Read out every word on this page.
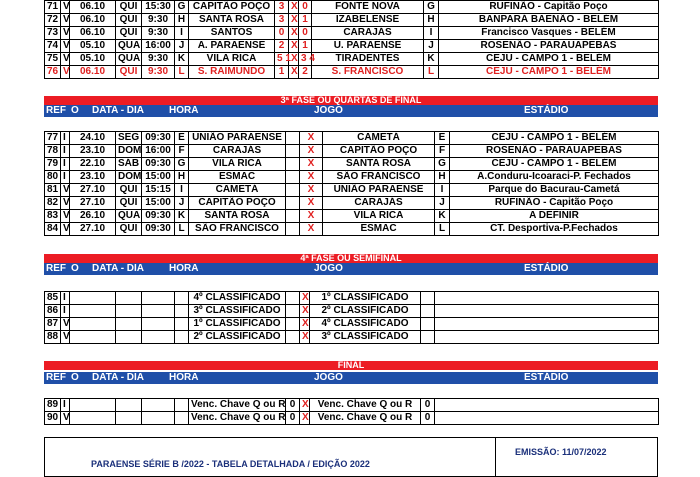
71	V	06.10	QUI	15:30	G	CAPITÃO POÇO	3	X	0	FONTE NOVA	G	RUFINÃO - Capitão Poço
72	V	06.10	QUI	9:30	H	SANTA ROSA	3	X	1	IZABELENSE	H	BANPARÁ BAENÃO - BELÉM
73	V	06.10	QUI	9:30	I	SANTOS	0	X	0	CARAJÁS	I	Francisco Vasques - BELÉM
74	V	05.10	QUA	16:00	J	A. PARAENSE	2	X	1	U. PARAENSE	J	ROSENÃO - PARAUAPEBAS
75	V	05.10	QUA	9:30	K	VILA RICA	5 1	X	3 4	TIRADENTES	K	CEJU - CAMPO 1 - BELÉM
76	V	06.10	QUI	9:30	L	S. RAIMUNDO	1	X	2	S. FRANCISCO	L	CEJU - CAMPO 1 - BELÉM
3ª FASE OU QUARTAS DE FINAL
REF O DATA - DIA HORA	JOGO	ESTÁDIO
77	I	24.10	SEG	09:30	E	UNIÃO PARAENSE		X	CAMETÁ	E	CEJU - CAMPO 1 - BELÉM
78	I	23.10	DOM	16:00	F	CARAJÁS		X	CAPITÃO POÇO	F	ROSENÃO - PARAUAPEBAS
79	I	22.10	SÁB	09:30	G	VILA RICA		X	SANTA ROSA	G	CEJU - CAMPO 1 - BELÉM
80	I	23.10	DOM	15:00	H	ESMAC		X	SÃO FRANCISCO	H	A.Conduru-Icoaraci-P. Fechados
81	V	27.10	QUI	15:15	I	CAMETÁ		X	UNIÃO PARAENSE	I	Parque do Bacurau-Cametá
82	V	27.10	QUI	15:00	J	CAPITÃO POÇO		X	CARAJÁS	J	RUFINÃO - Capitão Poço
83	V	26.10	QUA	09:30	K	SANTA ROSA		X	VILA RICA	K	A DEFINIR
84	V	27.10	QUI	09:30	L	SÃO FRANCISCO		X	ESMAC	L	CT. Desportiva-P.Fechados
4ª FASE OU SEMIFINAL
REF O DATA - DIA HORA	JOGO	ESTÁDIO
85	I					4º CLASSIFICADO		X	1º CLASSIFICADO		
86	I					3º CLASSIFICADO		X	2º CLASSIFICADO		
87	V					1º CLASSIFICADO		X	4º CLASSIFICADO		
88	V					2º CLASSIFICADO		X	3º CLASSIFICADO		
FINAL
REF O DATA - DIA HORA	JOGO	ESTÁDIO
89	I					Venc. Chave Q ou R	0	X	Venc. Chave Q ou R	0	
90	V					Venc. Chave Q ou R	0	X	Venc. Chave Q ou R	0	
EMISSÃO: 11/07/2022
PARAENSE SÉRIE B /2022 - TABELA DETALHADA / EDIÇÃO 2022
